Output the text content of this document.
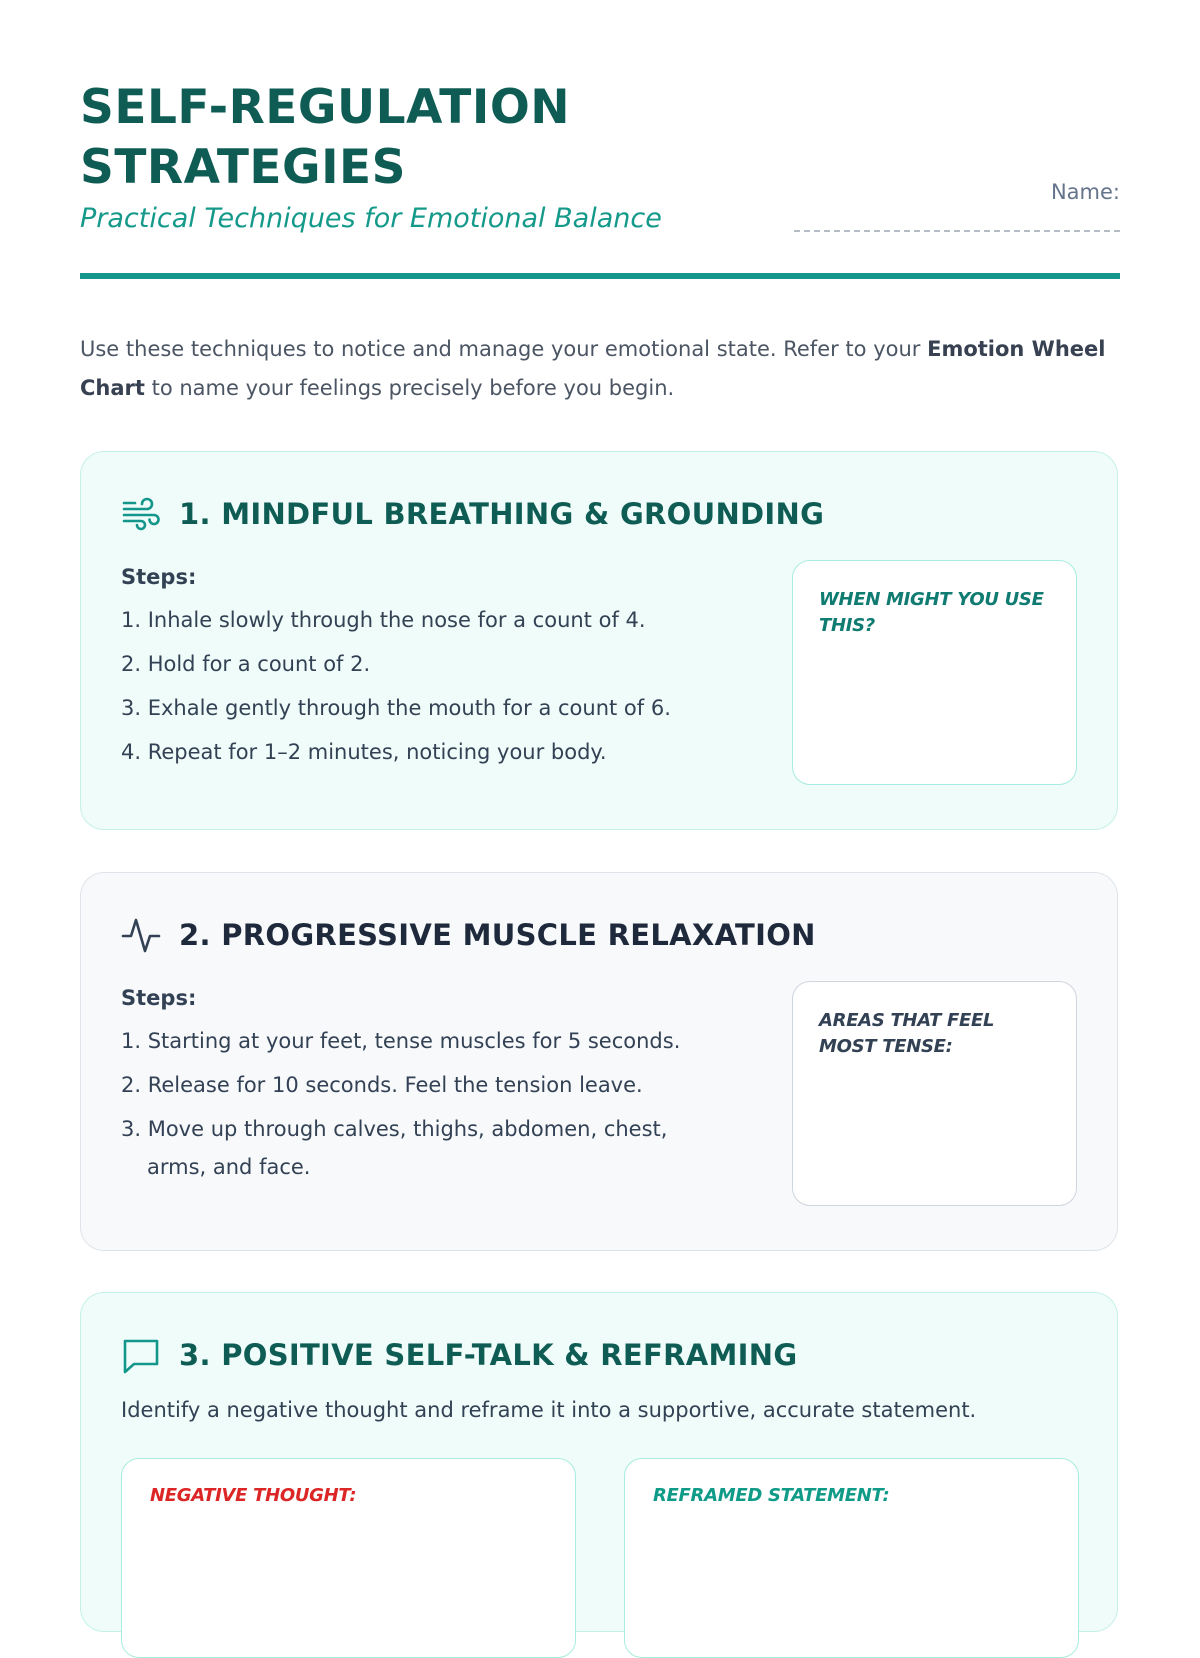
SELF-REGULATION
STRATEGIES

Practical Techniques for Emotional Balance

Name:

Use these techniques to notice and manage your emotional state. Refer to your Emotion Wheel Chart to name your feelings precisely before you begin.

1. MINDFUL BREATHING & GROUNDING
Steps:
1. Inhale slowly through the nose for a count of 4.
2. Hold for a count of 2.
3. Exhale gently through the mouth for a count of 6.
4. Repeat for 1–2 minutes, noticing your body.
WHEN MIGHT YOU USE THIS?
2. PROGRESSIVE MUSCLE RELAXATION
Steps:
1. Starting at your feet, tense muscles for 5 seconds.
2. Release for 10 seconds. Feel the tension leave.
3. Move up through calves, thighs, abdomen, chest, arms, and face.
AREAS THAT FEEL MOST TENSE:
3. POSITIVE SELF-TALK & REFRAMING

Identify a negative thought and reframe it into a supportive, accurate statement.

NEGATIVE THOUGHT:	REFRAMED STATEMENT:
